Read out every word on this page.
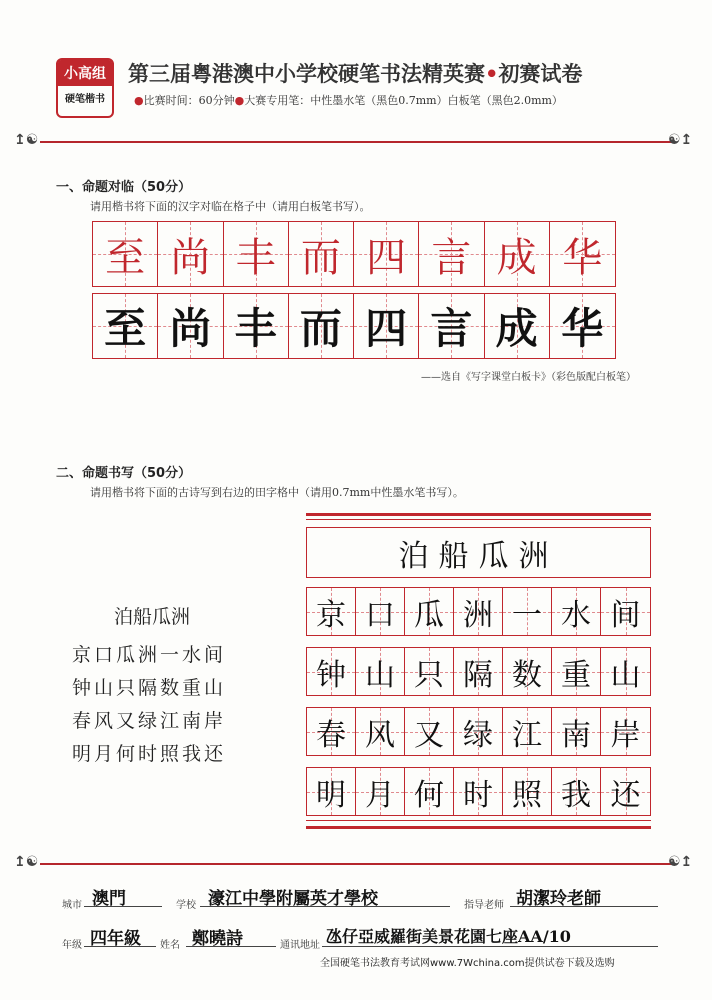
小高组
硬笔楷书
第三届粤港澳中小学校硬笔书法精英赛•初赛试卷
●比赛时间：60分钟●大赛专用笔：中性墨水笔（黑色0.7mm）白板笔（黑色2.0mm）
↥☯	☯↥
一、命题对临（50分）
请用楷书将下面的汉字对临在格子中（请用白板笔书写）。
至 尚 丰 而 四 言 成 华
至 尚 丰 而 四 言 成 华
——选自《写字课堂白板卡》（彩色版配白板笔）
二、命题书写（50分）
请用楷书将下面的古诗写到右边的田字格中（请用0.7mm中性墨水笔书写）。
泊船瓜洲
京口瓜洲一水间
钟山只隔数重山
春风又绿江南岸
明月何时照我还
泊船瓜洲
京 口 瓜 洲 一 水 间
钟 山 只 隔 数 重 山
春 风 又 绿 江 南 岸
明 月 何 时 照 我 还
↥☯	☯↥
城市 澳門	学校 濠江中學附屬英才學校	指导老师 胡潔玲老師
年级 四年級 姓名 鄭曉詩	通讯地址 氹仔亞威羅街美景花園七座AA/10
全国硬笔书法教育考试网www.7Wchina.com提供试卷下载及选购
